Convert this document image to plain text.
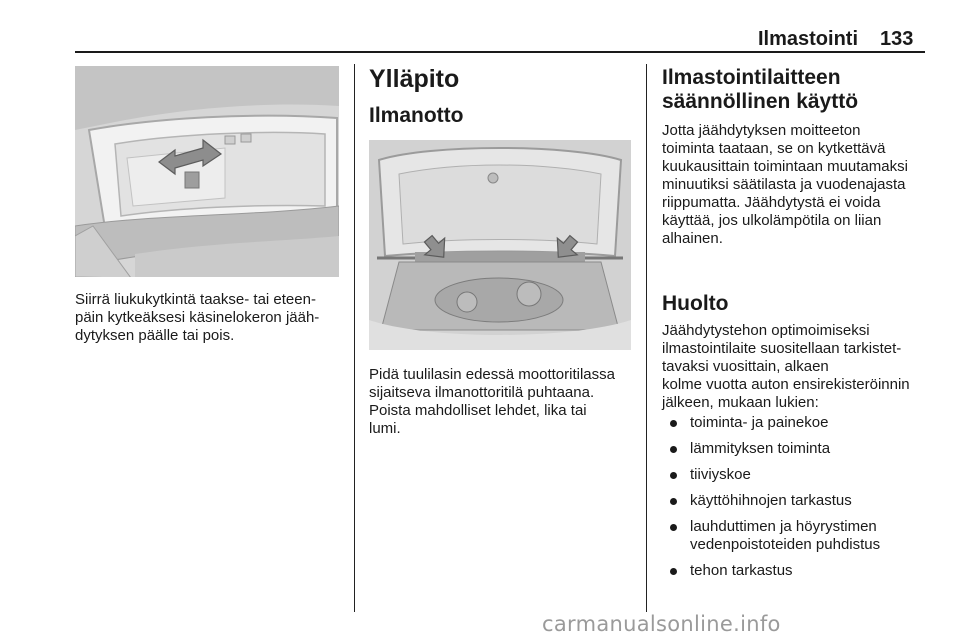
Ilmastointi 133

Siirrä liukukytkintä taakse- tai eteen-
päin kytkeäksesi käsinelokeron jääh-
dytyksen päälle tai pois.

Ylläpito
Ilmanotto

Pidä tuulilasin edessä moottoritilassa
sijaitseva ilmanottoritilä puhtaana.
Poista mahdolliset lehdet, lika tai
lumi.

Ilmastointilaitteen
säännöllinen käyttö

Jotta jäähdytyksen moitteeton
toiminta taataan, se on kytkettävä
kuukausittain toimintaan muutamaksi
minuutiksi säätilasta ja vuodenajasta
riippumatta. Jäähdytystä ei voida
käyttää, jos ulkolämpötila on liian
alhainen.

Huolto

Jäähdytystehon optimoimiseksi
ilmastointilaite suositellaan tarkistet-
tavaksi vuosittain, alkaen
kolme vuotta auton ensirekisteröinnin
jälkeen, mukaan lukien:

toiminta- ja painekoe
lämmityksen toiminta
tiiviyskoe
käyttöhihnojen tarkastus
lauhduttimen ja höyrystimen
vedenpoistoteiden puhdistus
tehon tarkastus
carmanualsonline.info
